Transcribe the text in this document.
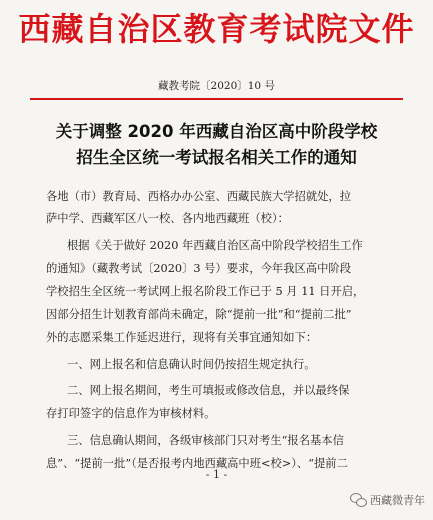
西藏自治区教育考试院文件
藏教考院〔2020〕10 号
关于调整 2020 年西藏自治区高中阶段学校
招生全区统一考试报名相关工作的通知
各地（市）教育局、西格办办公室、西藏民族大学招就处，拉
萨中学、西藏军区八一校、各内地西藏班（校）：
根据《关于做好 2020 年西藏自治区高中阶段学校招生工作
的通知》（藏教考试〔2020〕3 号）要求，今年我区高中阶段
学校招生全区统一考试网上报名阶段工作已于 5 月 11 日开启，
因部分招生计划教育部尚未确定，除“提前一批”和“提前二批”
外的志愿采集工作延迟进行，现将有关事宜通知如下：
一、网上报名和信息确认时间仍按招生规定执行。
二、网上报名期间，考生可填报或修改信息，并以最终保
存打印签字的信息作为审核材料。
三、信息确认期间，各级审核部门只对考生“报名基本信
息”、“提前一批”（是否报考内地西藏高中班<校>）、“提前二
- 1 -
西藏微青年
